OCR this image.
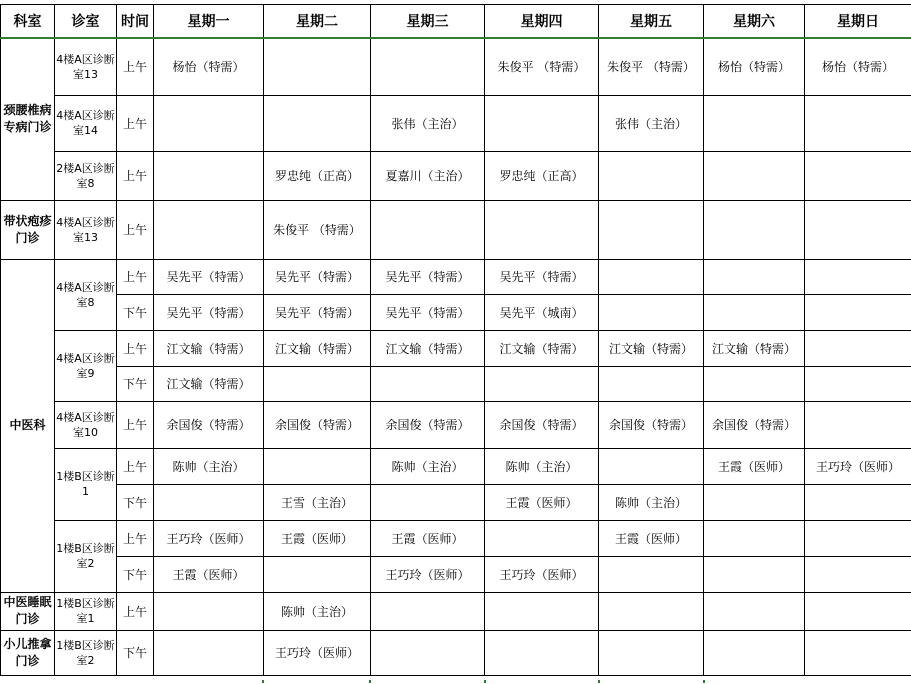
科室	诊室	时间	星期一	星期二	星期三	星期四	星期五	星期六	星期日
颈腰椎病专病门诊	4楼A区诊断室13	上午	杨怡（特需）			朱俊平 （特需）	朱俊平 （特需）	杨怡（特需）	杨怡（特需）
	4楼A区诊断室14	上午			张伟（主治）		张伟（主治）		
	2楼A区诊断室8	上午		罗忠纯（正高）	夏嘉川（主治）	罗忠纯（正高）			
带状疱疹门诊	4楼A区诊断室13	上午		朱俊平 （特需）					
中医科	4楼A区诊断室8	上午	吴先平（特需）	吴先平（特需）	吴先平（特需）	吴先平（特需）			
		下午	吴先平（特需）	吴先平（特需）	吴先平（特需）	吴先平（城南）			
	4楼A区诊断室9	上午	江文输（特需）	江文输（特需）	江文输（特需）	江文输（特需）	江文输（特需）	江文输（特需）	
		下午	江文输（特需）						
	4楼A区诊断室10	上午	余国俊（特需）	余国俊（特需）	余国俊（特需）	余国俊（特需）	余国俊（特需）	余国俊（特需）	
	1楼B区诊断1	上午	陈帅（主治）		陈帅（主治）	陈帅（主治）		王霞（医师）	王巧玲（医师）
		下午		王雪（主治）		王霞（医师）	陈帅（主治）		
	1楼B区诊断室2	上午	王巧玲（医师）	王霞（医师）	王霞（医师）		王霞（医师）		
		下午	王霞（医师）		王巧玲（医师）	王巧玲（医师）			
中医睡眠门诊	1楼B区诊断室1	上午		陈帅（主治）					
小儿推拿门诊	1楼B区诊断室2	下午		王巧玲（医师）					
